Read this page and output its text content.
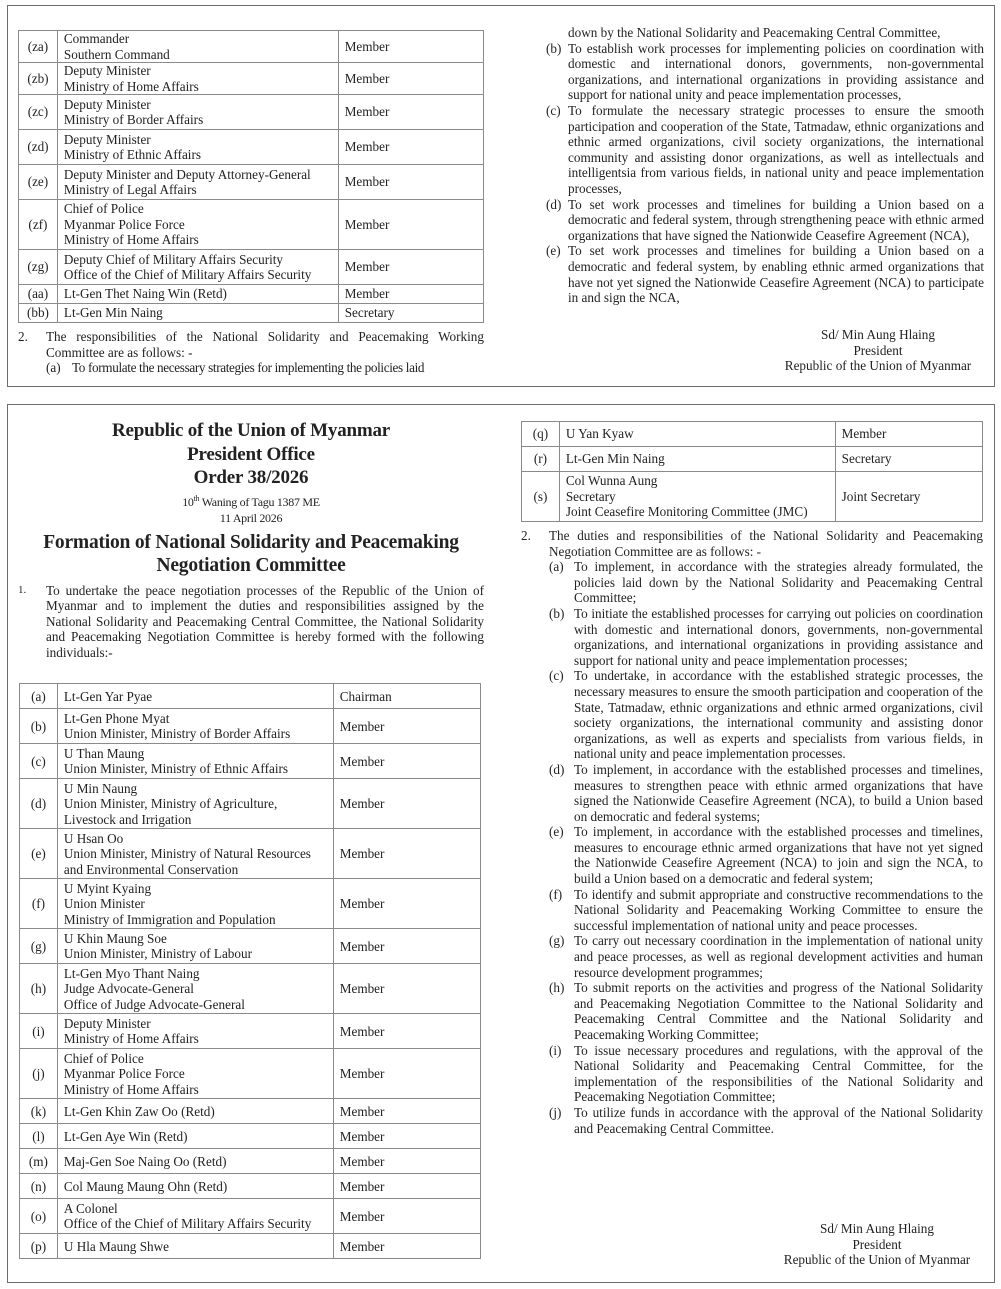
(za)	Commander
Southern Command	Member
(zb)	Deputy Minister
Ministry of Home Affairs	Member
(zc)	Deputy Minister
Ministry of Border Affairs	Member
(zd)	Deputy Minister
Ministry of Ethnic Affairs	Member
(ze)	Deputy Minister and Deputy Attorney-General
Ministry of Legal Affairs	Member
(zf)	Chief of Police
Myanmar Police Force
Ministry of Home Affairs	Member
(zg)	Deputy Chief of Military Affairs Security
Office of the Chief of Military Affairs Security	Member
(aa)	Lt-Gen Thet Naing Win (Retd)	Member
(bb)	Lt-Gen Min Naing	Secretary
2. The responsibilities of the National Solidarity and Peacemaking Working Committee are as follows: -
(a) To formulate the necessary strategies for implementing the policies laid
down by the National Solidarity and Peacemaking Central Committee,
(b) To establish work processes for implementing policies on coordination with domestic and international donors, governments, non-governmental organizations, and international organizations in providing assistance and support for national unity and peace implementation processes,
(c) To formulate the necessary strategic processes to ensure the smooth participation and cooperation of the State, Tatmadaw, ethnic organizations and ethnic armed organizations, civil society organizations, the international community and assisting donor organizations, as well as intellectuals and intelligentsia from various fields, in national unity and peace implementation processes,
(d) To set work processes and timelines for building a Union based on a democratic and federal system, through strengthening peace with ethnic armed organizations that have signed the Nationwide Ceasefire Agreement (NCA),
(e) To set work processes and timelines for building a Union based on a democratic and federal system, by enabling ethnic armed organizations that have not yet signed the Nationwide Ceasefire Agreement (NCA) to participate in and sign the NCA,
Sd/ Min Aung Hlaing
President
Republic of the Union of Myanmar
Republic of the Union of Myanmar
President Office
Order 38/2026
10th Waning of Tagu 1387 ME
11 April 2026
Formation of National Solidarity and Peacemaking
Negotiation Committee
1. To undertake the peace negotiation processes of the Republic of the Union of Myanmar and to implement the duties and responsibilities assigned by the National Solidarity and Peacemaking Central Committee, the National Solidarity and Peacemaking Negotiation Committee is hereby formed with the following individuals:-
(a)	Lt-Gen Yar Pyae	Chairman
(b)	Lt-Gen Phone Myat
Union Minister, Ministry of Border Affairs	Member
(c)	U Than Maung
Union Minister, Ministry of Ethnic Affairs	Member
(d)	U Min Naung
Union Minister, Ministry of Agriculture,
Livestock and Irrigation	Member
(e)	U Hsan Oo
Union Minister, Ministry of Natural Resources
and Environmental Conservation	Member
(f)	U Myint Kyaing
Union Minister
Ministry of Immigration and Population	Member
(g)	U Khin Maung Soe
Union Minister, Ministry of Labour	Member
(h)	Lt-Gen Myo Thant Naing
Judge Advocate-General
Office of Judge Advocate-General	Member
(i)	Deputy Minister
Ministry of Home Affairs	Member
(j)	Chief of Police
Myanmar Police Force
Ministry of Home Affairs	Member
(k)	Lt-Gen Khin Zaw Oo (Retd)	Member
(l)	Lt-Gen Aye Win (Retd)	Member
(m)	Maj-Gen Soe Naing Oo (Retd)	Member
(n)	Col Maung Maung Ohn (Retd)	Member
(o)	A Colonel
Office of the Chief of Military Affairs Security	Member
(p)	U Hla Maung Shwe	Member
(q)	U Yan Kyaw	Member
(r)	Lt-Gen Min Naing	Secretary
(s)	Col Wunna Aung
Secretary
Joint Ceasefire Monitoring Committee (JMC)	Joint Secretary
2. The duties and responsibilities of the National Solidarity and Peacemaking Negotiation Committee are as follows: -
(a) To implement, in accordance with the strategies already formulated, the policies laid down by the National Solidarity and Peacemaking Central Committee;
(b) To initiate the established processes for carrying out policies on coordination with domestic and international donors, governments, non-governmental organizations, and international organizations in providing assistance and support for national unity and peace implementation processes;
(c) To undertake, in accordance with the established strategic processes, the necessary measures to ensure the smooth participation and cooperation of the State, Tatmadaw, ethnic organizations and ethnic armed organizations, civil society organizations, the international community and assisting donor organizations, as well as experts and specialists from various fields, in national unity and peace implementation processes.
(d) To implement, in accordance with the established processes and timelines, measures to strengthen peace with ethnic armed organizations that have signed the Nationwide Ceasefire Agreement (NCA), to build a Union based on democratic and federal systems;
(e) To implement, in accordance with the established processes and timelines, measures to encourage ethnic armed organizations that have not yet signed the Nationwide Ceasefire Agreement (NCA) to join and sign the NCA, to build a Union based on a democratic and federal system;
(f) To identify and submit appropriate and constructive recommendations to the National Solidarity and Peacemaking Working Committee to ensure the successful implementation of national unity and peace processes.
(g) To carry out necessary coordination in the implementation of national unity and peace processes, as well as regional development activities and human resource development programmes;
(h) To submit reports on the activities and progress of the National Solidarity and Peacemaking Negotiation Committee to the National Solidarity and Peacemaking Central Committee and the National Solidarity and Peacemaking Working Committee;
(i) To issue necessary procedures and regulations, with the approval of the National Solidarity and Peacemaking Central Committee, for the implementation of the responsibilities of the National Solidarity and Peacemaking Negotiation Committee;
(j) To utilize funds in accordance with the approval of the National Solidarity and Peacemaking Central Committee.
Sd/ Min Aung Hlaing
President
Republic of the Union of Myanmar
